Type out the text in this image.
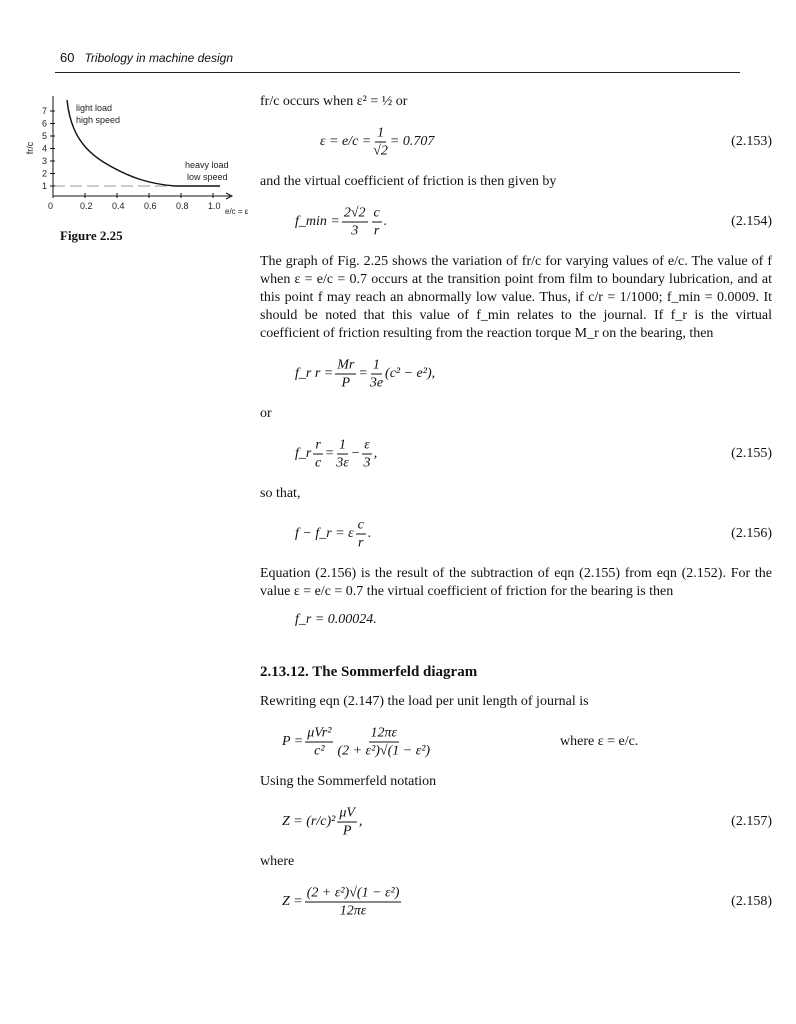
60 Tribology in machine design
1
2
3
4
5
6
7
0	0.2 0.4 0.6 0.8 1.0
fr/c
e/c = ε
light load
high speed
heavy load
low speed
Figure 2.25
fr/c occurs when ε² = ½ or
$\varepsilon = e/c = \frac{1}{√2} = 0.707$	(2.153)
and the virtual coefficient of friction is then given by
f_min = $\frac{2√2}{3} \frac{c}{r}$ .	(2.154)
The graph of Fig. 2.25 shows the variation of fr/c for varying values of e/c. The value of f when ε = e/c = 0.7 occurs at the transition point from film to boundary lubrication, and at this point f may reach an abnormally low value. Thus, if c/r = 1/1000; f_min = 0.0009. It should be noted that this value of f_min relates to the journal. If f_r is the virtual coefficient of friction resulting from the reaction torque M_r on the bearing, then
f_r $r = \frac{Mr}{P} = \frac{1}{3e} (c^2 - e^2)$,
or
f_r $\frac{r}{c} = \frac{1}{3\varepsilon} - \frac{\varepsilon}{3}$ ,	(2.155)
so that,
f − f_r = ε $\frac{c}{r}$ .	(2.156)
Equation (2.156) is the result of the subtraction of eqn (2.155) from eqn (2.152). For the value ε = e/c = 0.7 the virtual coefficient of friction for the bearing is then
f_r = 0.00024.
2.13.12. The Sommerfeld diagram
Rewriting eqn (2.147) the load per unit length of journal is
$P = \frac{\text{μVr²}}{\text{c²}} \frac{12\pi\varepsilon}{\text{(2 + ε²)√(1 − ε²)}}$	where ε = e/c.
Using the Sommerfeld notation
$Z = (r/c)^2 \frac{\mu V}{P}$ ,	(2.157)
where
$Z = \frac{\text{(2 + ε²)√(1 − ε²)}}{12\pi\varepsilon}$	(2.158)
